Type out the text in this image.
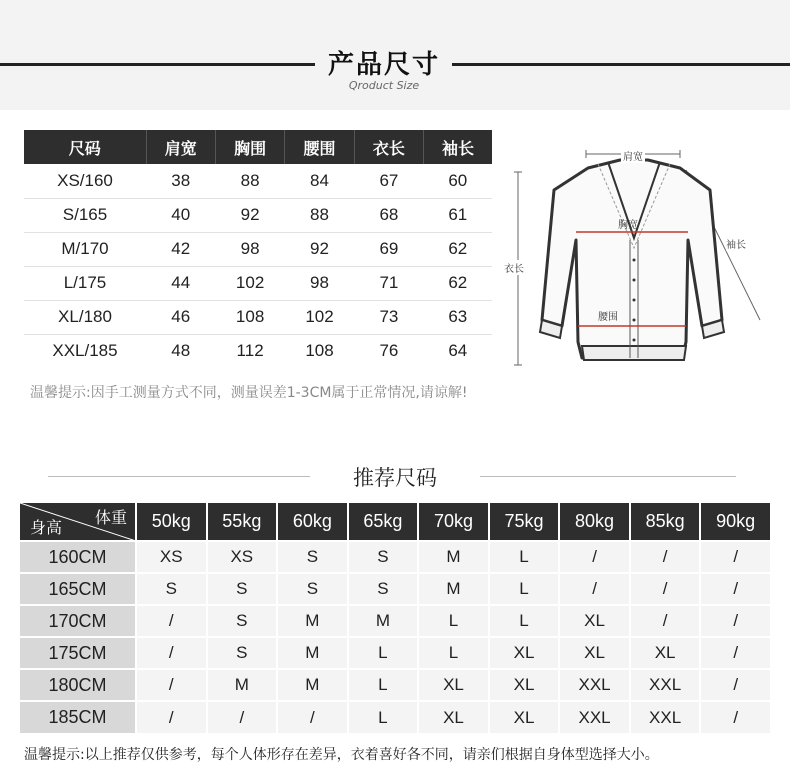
产品尺寸
Qroduct Size
尺码	肩宽	胸围	腰围	衣长	袖长
XS/160	38	88	84	67	60
S/165	40	92	88	68	61
M/170	42	98	92	69	62
L/175	44	102	98	71	62
XL/180	46	108	102	73	63
XXL/185	48	112	108	76	64
温馨提示:因手工测量方式不同，测量误差1-3CM属于正常情况,请谅解!
肩宽
胸宽
腰围
衣长
袖长
推荐尺码
体重
身高	50kg	55kg	60kg	65kg	70kg	75kg	80kg	85kg	90kg
160CM	XS	XS	S	S	M	L	/	/	/
165CM	S	S	S	S	M	L	/	/	/
170CM	/	S	M	M	L	L	XL	/	/
175CM	/	S	M	L	L	XL	XL	XL	/
180CM	/	M	M	L	XL	XL	XXL	XXL	/
185CM	/	/	/	L	XL	XL	XXL	XXL	/
温馨提示:以上推荐仅供参考，每个人体形存在差异，衣着喜好各不同，请亲们根据自身体型选择大小。
